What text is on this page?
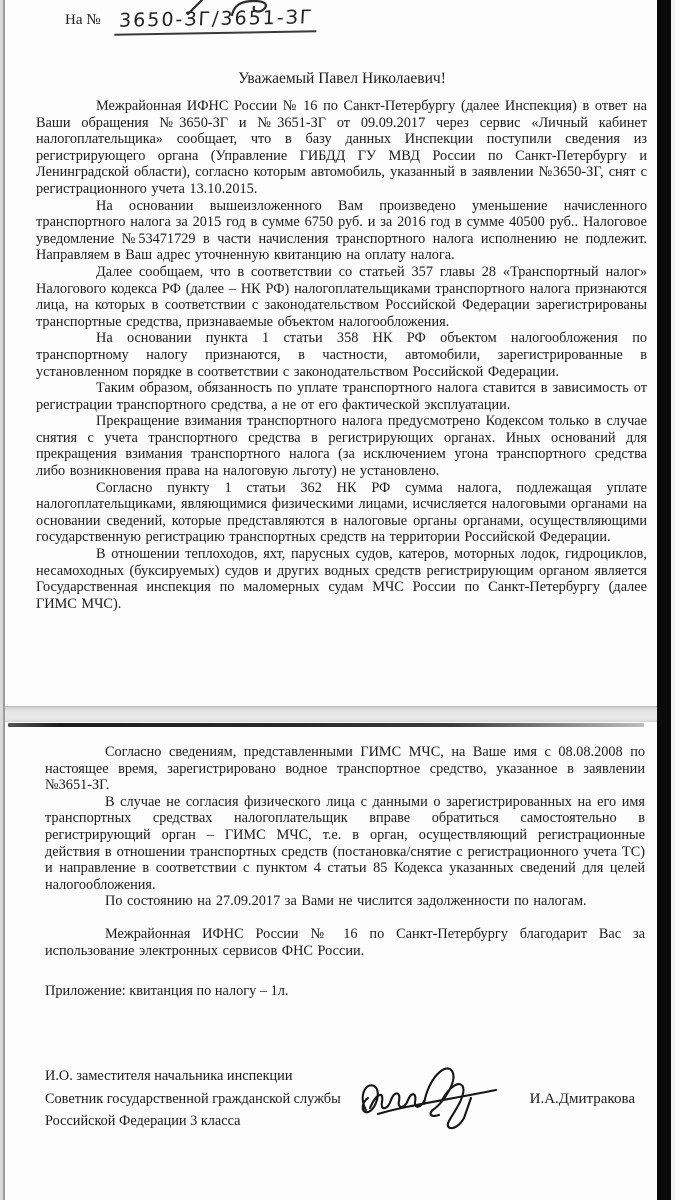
На № 3650-ЗГ/3651-ЗГ

Уважаемый Павел Николаевич!

Межрайонная ИФНС России № 16 по Санкт-Петербургу (далее Инспекция) в ответ на Ваши обращения №3650-ЗГ и №3651-ЗГ от 09.09.2017 через сервис «Личный кабинет налогоплательщика» сообщает, что в базу данных Инспекции поступили сведения из регистрирующего органа (Управление ГИБДД ГУ МВД России по Санкт-Петербургу и Ленинградской области), согласно которым автомобиль, указанный в заявлении №3650-ЗГ, снят с регистрационного учета 13.10.2015.

На основании вышеизложенного Вам произведено уменьшение начисленного транспортного налога за 2015 год в сумме 6750 руб. и за 2016 год в сумме 40500 руб.. Налоговое уведомление №53471729 в части начисления транспортного налога исполнению не подлежит. Направляем в Ваш адрес уточненную квитанцию на оплату налога.

Далее сообщаем, что в соответствии со статьей 357 главы 28 «Транспортный налог» Налогового кодекса РФ (далее – НК РФ) налогоплательщиками транспортного налога признаются лица, на которых в соответствии с законодательством Российской Федерации зарегистрированы транспортные средства, признаваемые объектом налогообложения.

На основании пункта 1 статьи 358 НК РФ объектом налогообложения по транспортному налогу признаются, в частности, автомобили, зарегистрированные в установленном порядке в соответствии с законодательством Российской Федерации.

Таким образом, обязанность по уплате транспортного налога ставится в зависимость от регистрации транспортного средства, а не от его фактической эксплуатации.

Прекращение взимания транспортного налога предусмотрено Кодексом только в случае снятия с учета транспортного средства в регистрирующих органах. Иных оснований для прекращения взимания транспортного налога (за исключением угона транспортного средства либо возникновения права на налоговую льготу) не установлено.

Согласно пункту 1 статьи 362 НК РФ сумма налога, подлежащая уплате налогоплательщиками, являющимися физическими лицами, исчисляется налоговыми органами на основании сведений, которые представляются в налоговые органы органами, осуществляющими государственную регистрацию транспортных средств на территории Российской Федерации.

В отношении теплоходов, яхт, парусных судов, катеров, моторных лодок, гидроциклов, несамоходных (буксируемых) судов и других водных средств регистрирующим органом является Государственная инспекция по маломерных судам МЧС России по Санкт-Петербургу (далее ГИМС МЧС).

Согласно сведениям, представленными ГИМС МЧС, на Ваше имя с 08.08.2008 по настоящее время, зарегистрировано водное транспортное средство, указанное в заявлении №3651-ЗГ.

В случае не согласия физического лица с данными о зарегистрированных на его имя транспортных средствах налогоплательщик вправе обратиться самостоятельно в регистрирующий орган – ГИМС МЧС, т.е. в орган, осуществляющий регистрационные действия в отношении транспортных средств (постановка/снятие с регистрационного учета ТС) и направление в соответствии с пунктом 4 статьи 85 Кодекса указанных сведений для целей налогообложения.

По состоянию на 27.09.2017 за Вами не числится задолженности по налогам.

Межрайонная ИФНС России № 16 по Санкт-Петербургу благодарит Вас за использование электронных сервисов ФНС России.

Приложение: квитанция по налогу – 1л.

И.О. заместителя начальника инспекции

Советник государственной гражданской службы

Российской Федерации 3 класса

И.А.Дмитракова
